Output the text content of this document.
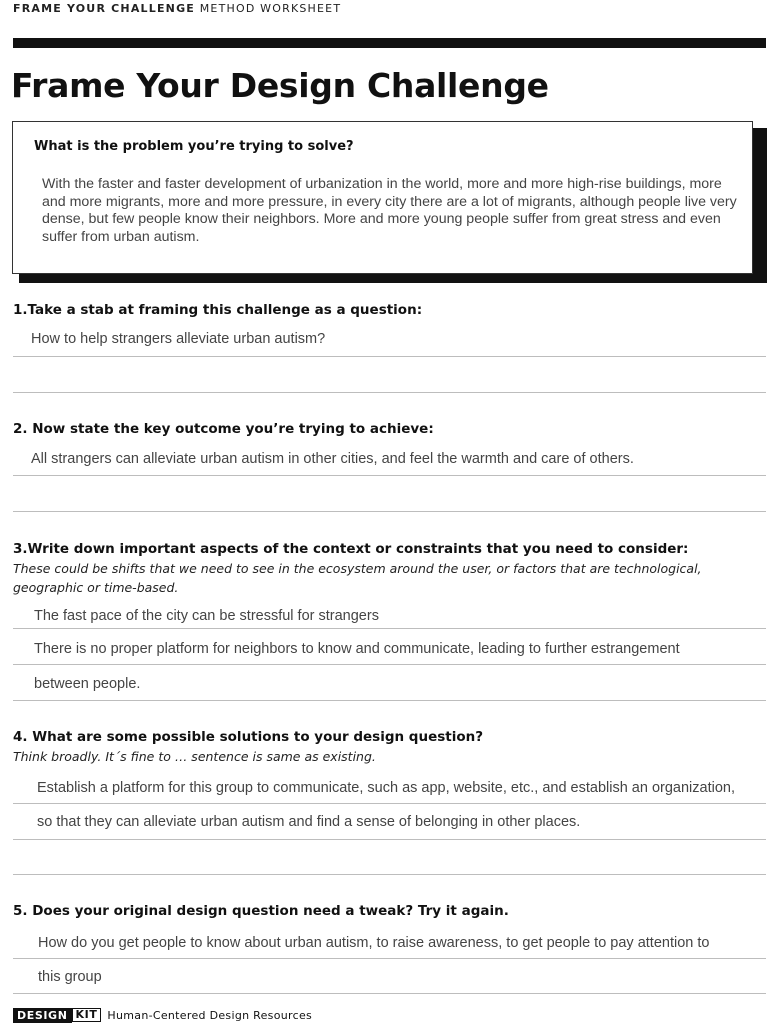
FRAME YOUR CHALLENGE METHOD WORKSHEET
Frame Your Design Challenge
What is the problem you’re trying to solve?
With the faster and faster development of urbanization in the world, more and more high-rise buildings, more and more migrants, more and more pressure, in every city there are a lot of migrants, although people live very dense, but few people know their neighbors. More and more young people suffer from great stress and even suffer from urban autism.
1.Take a stab at framing this challenge as a question:
How to help strangers alleviate urban autism?
2. Now state the key outcome you’re trying to achieve:
All strangers can alleviate urban autism in other cities, and feel the warmth and care of others.
3.Write down important aspects of the context or constraints that you need to consider:
These could be shifts that we need to see in the ecosystem around the user, or factors that are technological, geographic or time-based.
The fast pace of the city can be stressful for strangers
There is no proper platform for neighbors to know and communicate, leading to further estrangement
between people.
4. What are some possible solutions to your design question?
Think broadly. It´s fine to … sentence is same as existing.
Establish a platform for this group to communicate, such as app, website, etc., and establish an organization,
so that they can alleviate urban autism and find a sense of belonging in other places.
5. Does your original design question need a tweak? Try it again.
How do you get people to know about urban autism, to raise awareness, to get people to pay attention to
this group
DESIGN KIT Human-Centered Design Resources
